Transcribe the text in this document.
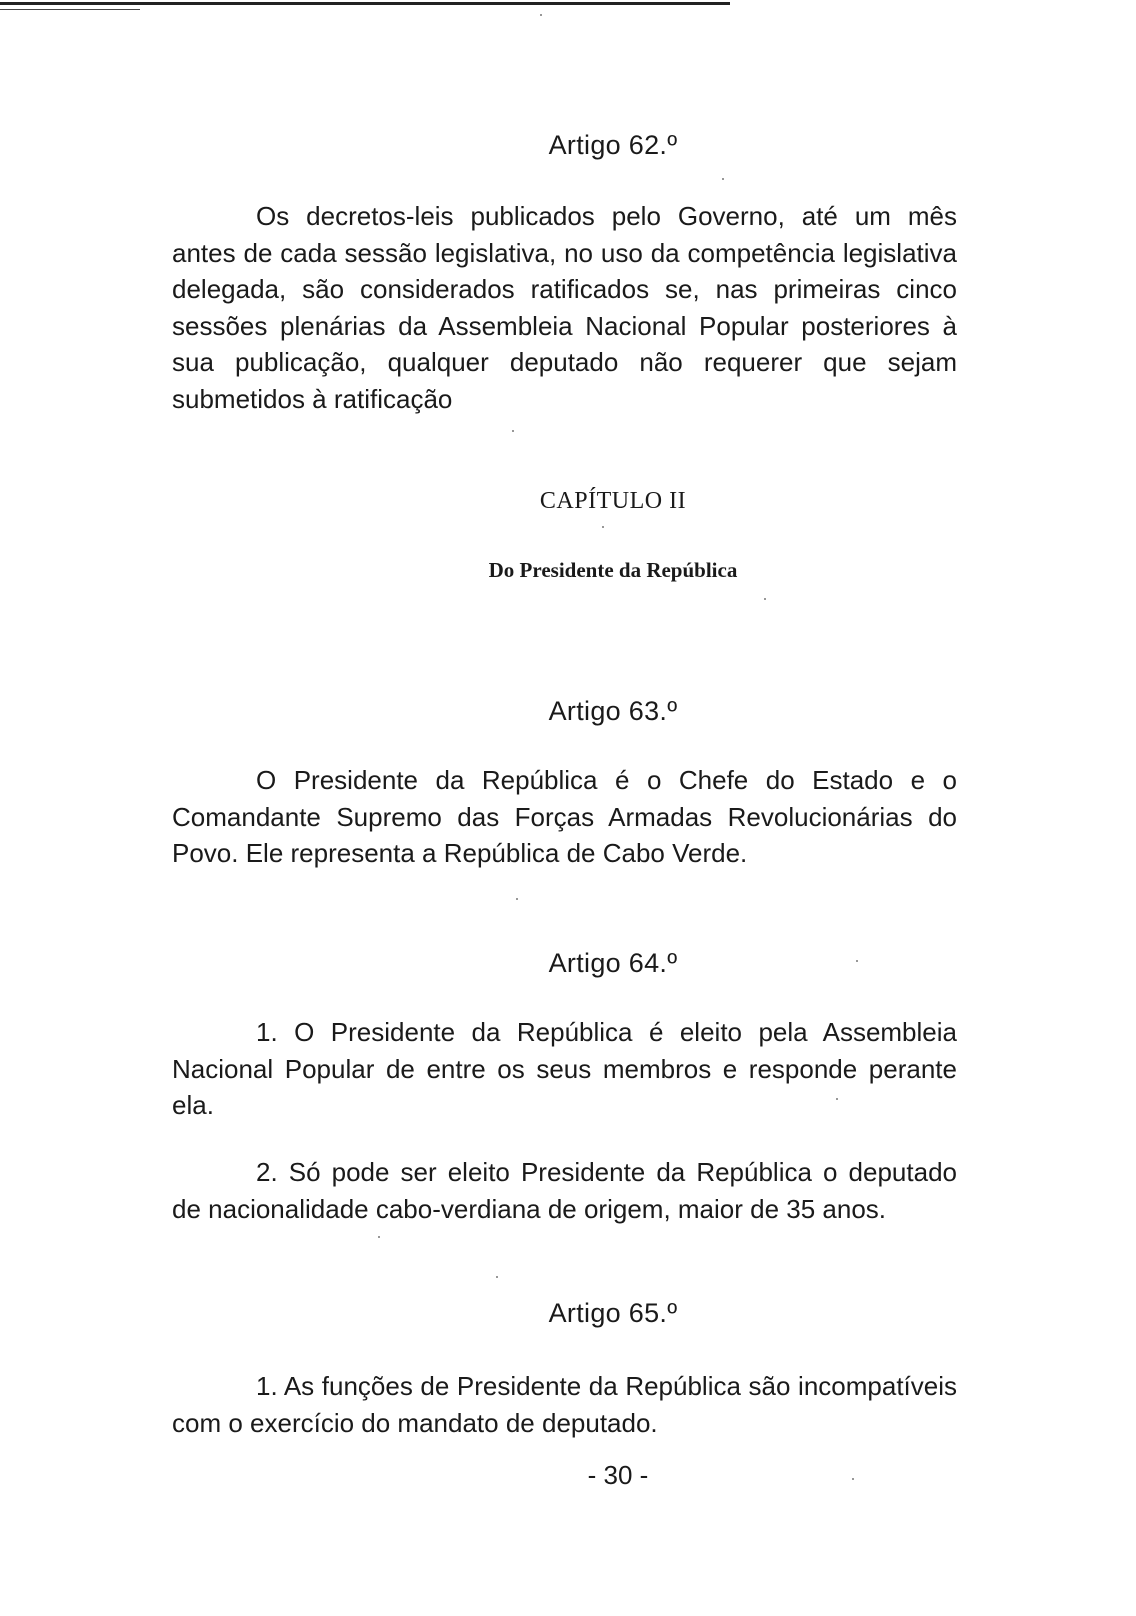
Artigo 62.º

Os decretos-leis publicados pelo Governo, até um mês antes de cada sessão legislativa, no uso da competência legislativa delegada, são considerados ratificados se, nas primeiras cinco sessões plenárias da Assembleia Nacional Popular posteriores à sua publicação, qualquer deputado não requerer que sejam submetidos à ratificação

CAPÍTULO II
Do Presidente da República
Artigo 63.º

O Presidente da República é o Chefe do Estado e o Comandante Supremo das Forças Armadas Revolucionárias do Povo. Ele representa a República de Cabo Verde.

Artigo 64.º

1. O Presidente da República é eleito pela Assembleia Nacional Popular de entre os seus membros e responde perante ela.

2. Só pode ser eleito Presidente da República o deputado de nacionalidade cabo-verdiana de origem, maior de 35 anos.

Artigo 65.º

1. As funções de Presidente da República são incompatíveis com o exercício do mandato de deputado.

- 30 -
